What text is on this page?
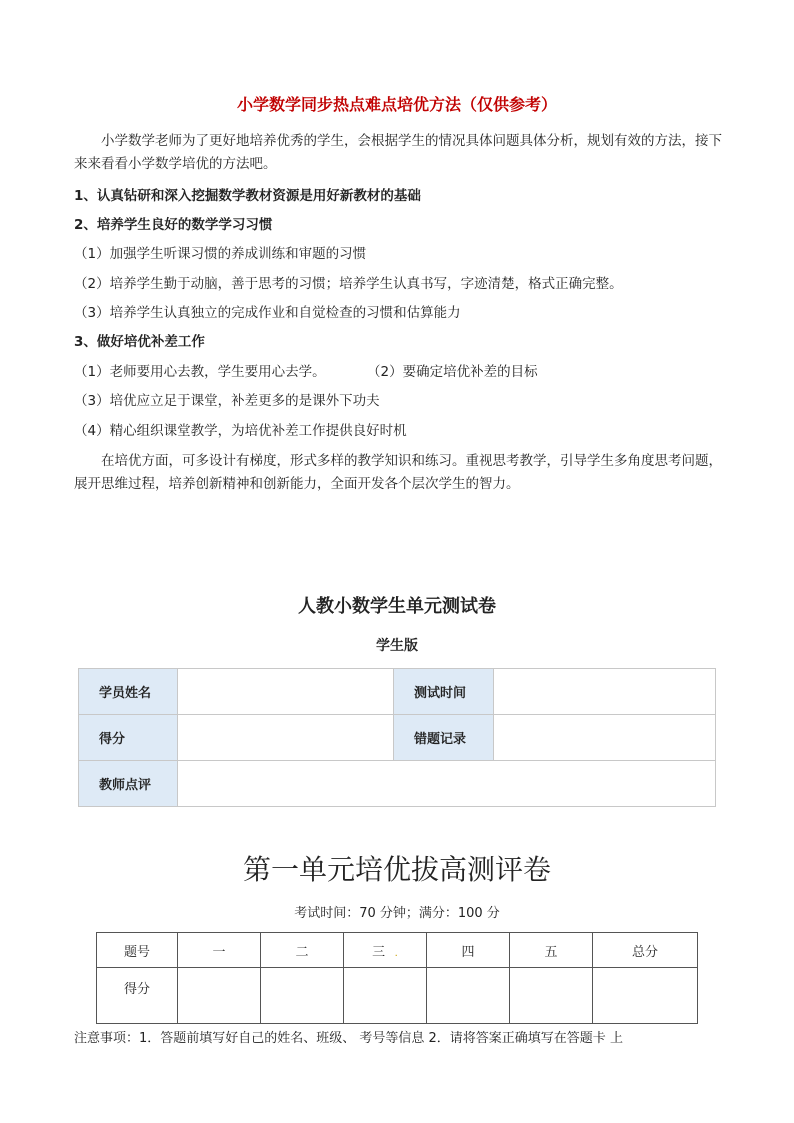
小学数学同步热点难点培优方法（仅供参考）
小学数学老师为了更好地培养优秀的学生，会根据学生的情况具体问题具体分析，规划有效的方法，接下来来看看小学数学培优的方法吧。
1、认真钻研和深入挖掘数学教材资源是用好新教材的基础
2、培养学生良好的数学学习习惯
（1）加强学生听课习惯的养成训练和审题的习惯
（2）培养学生勤于动脑，善于思考的习惯；培养学生认真书写，字迹清楚，格式正确完整。
（3）培养学生认真独立的完成作业和自觉检查的习惯和估算能力
3、做好培优补差工作
（1）老师要用心去教，学生要用心去学。	（2）要确定培优补差的目标
（3）培优应立足于课堂，补差更多的是课外下功夫
（4）精心组织课堂教学，为培优补差工作提供良好时机
在培优方面，可多设计有梯度，形式多样的教学知识和练习。重视思考教学，引导学生多角度思考问题，展开思维过程，培养创新精神和创新能力，全面开发各个层次学生的智力。
人教小数学生单元测试卷
学生版
学员姓名		测试时间	
得分		错题记录	
教师点评			
第一单元培优拔高测评卷
考试时间：70 分钟；满分：100 分
题号	一	二	三   .	四	五	总分
得分						
注意事项：1．答题前填写好自己的姓名、班级、 考号等信息 2．请将答案正确填写在答题卡 上
